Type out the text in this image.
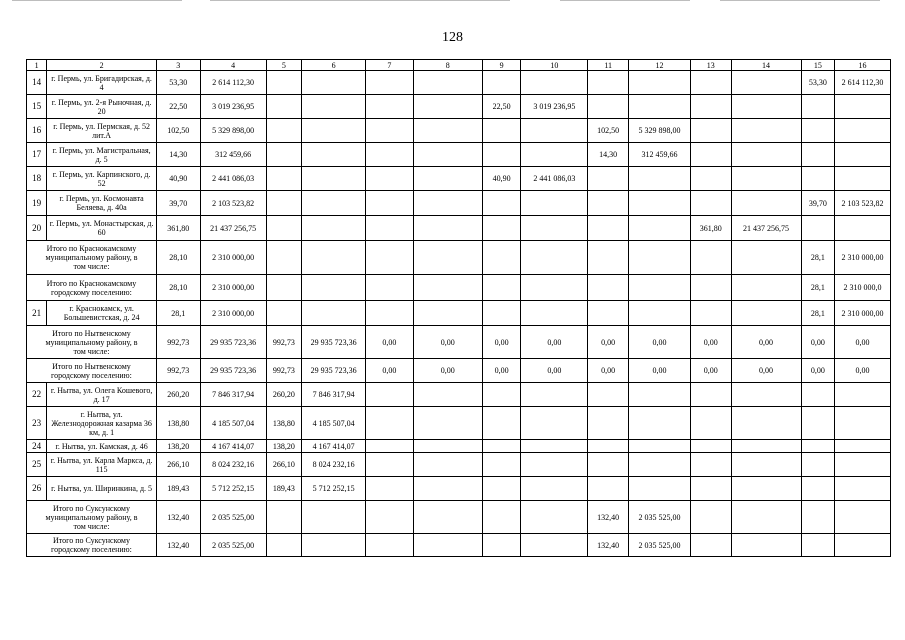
128
1	2	3	4	5	6	7	8	9	10	11	12	13	14	15	16
14	г. Пермь, ул. Бригадирская, д. 4	53,30	2 614 112,30											53,30	2 614 112,30
15	г. Пермь, ул. 2-я Рыночная, д. 20	22,50	3 019 236,95					22,50	3 019 236,95						
16	г. Пермь, ул. Пермская, д. 52 лит.А	102,50	5 329 898,00							102,50	5 329 898,00				
17	г. Пермь, ул. Магистральная, д. 5	14,30	312 459,66							14,30	312 459,66				
18	г. Пермь, ул. Карпинского, д. 52	40,90	2 441 086,03					40,90	2 441 086,03						
19	г. Пермь, ул. Космонавта Беляева, д. 40а	39,70	2 103 523,82											39,70	2 103 523,82
20	г. Пермь, ул. Монастырская, д. 60	361,80	21 437 256,75									361,80	21 437 256,75		
Итого по Краснокамскому муниципальному району, в том числе:		28,10	2 310 000,00											28,1	2 310 000,00
Итого по Краснокамскому городскому поселению:		28,10	2 310 000,00											28,1	2 310 000,0
21	г. Краснокамск, ул. Большевистская, д. 24	28,1	2 310 000,00											28,1	2 310 000,00
Итого по Нытвенскому муниципальному району, в том числе:		992,73	29 935 723,36	992,73	29 935 723,36	0,00	0,00	0,00	0,00	0,00	0,00	0,00	0,00	0,00	0,00
Итого по Нытвенскому городскому поселению:		992,73	29 935 723,36	992,73	29 935 723,36	0,00	0,00	0,00	0,00	0,00	0,00	0,00	0,00	0,00	0,00
22	г. Нытва, ул. Олега Кошевого, д. 17	260,20	7 846 317,94	260,20	7 846 317,94										
23	г. Нытва, ул. Железнодорожная казарма 36 км, д. 1	138,80	4 185 507,04	138,80	4 185 507,04										
24	г. Нытва, ул. Камская, д. 46	138,20	4 167 414,07	138,20	4 167 414,07										
25	г. Нытва, ул. Карла Маркса, д. 115	266,10	8 024 232,16	266,10	8 024 232,16										
26	г. Нытва, ул. Ширинкина, д. 5	189,43	5 712 252,15	189,43	5 712 252,15										
Итого по Суксунскому муниципальному району, в том числе:		132,40	2 035 525,00							132,40	2 035 525,00				
Итого по Суксунскому городскому поселению:		132,40	2 035 525,00							132,40	2 035 525,00				
